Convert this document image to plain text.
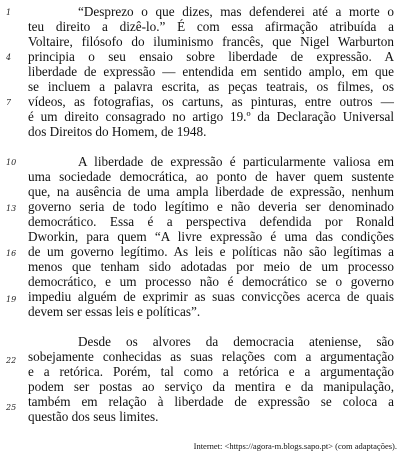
1
4
7
10
13
16
19
22
25
“Desprezo o que dizes, mas defenderei até a morte o
teu direito a dizê-lo.” É com essa afirmação atribuída a
Voltaire, filósofo do iluminismo francês, que Nigel Warburton
principia o seu ensaio sobre liberdade de expressão. A
liberdade de expressão — entendida em sentido amplo, em que
se incluem a palavra escrita, as peças teatrais, os filmes, os
vídeos, as fotografias, os cartuns, as pinturas, entre outros —
é um direito consagrado no artigo 19.º da Declaração Universal
dos Direitos do Homem, de 1948.
A liberdade de expressão é particularmente valiosa em
uma sociedade democrática, ao ponto de haver quem sustente
que, na ausência de uma ampla liberdade de expressão, nenhum
governo seria de todo legítimo e não deveria ser denominado
democrático. Essa é a perspectiva defendida por Ronald
Dworkin, para quem “A livre expressão é uma das condições
de um governo legítimo. As leis e políticas não são legítimas a
menos que tenham sido adotadas por meio de um processo
democrático, e um processo não é democrático se o governo
impediu alguém de exprimir as suas convicções acerca de quais
devem ser essas leis e políticas”.
Desde os alvores da democracia ateniense, são
sobejamente conhecidas as suas relações com a argumentação
e a retórica. Porém, tal como a retórica e a argumentação
podem ser postas ao serviço da mentira e da manipulação,
também em relação à liberdade de expressão se coloca a
questão dos seus limites.
Internet: <https://agora-m.blogs.sapo.pt> (com adaptações).
